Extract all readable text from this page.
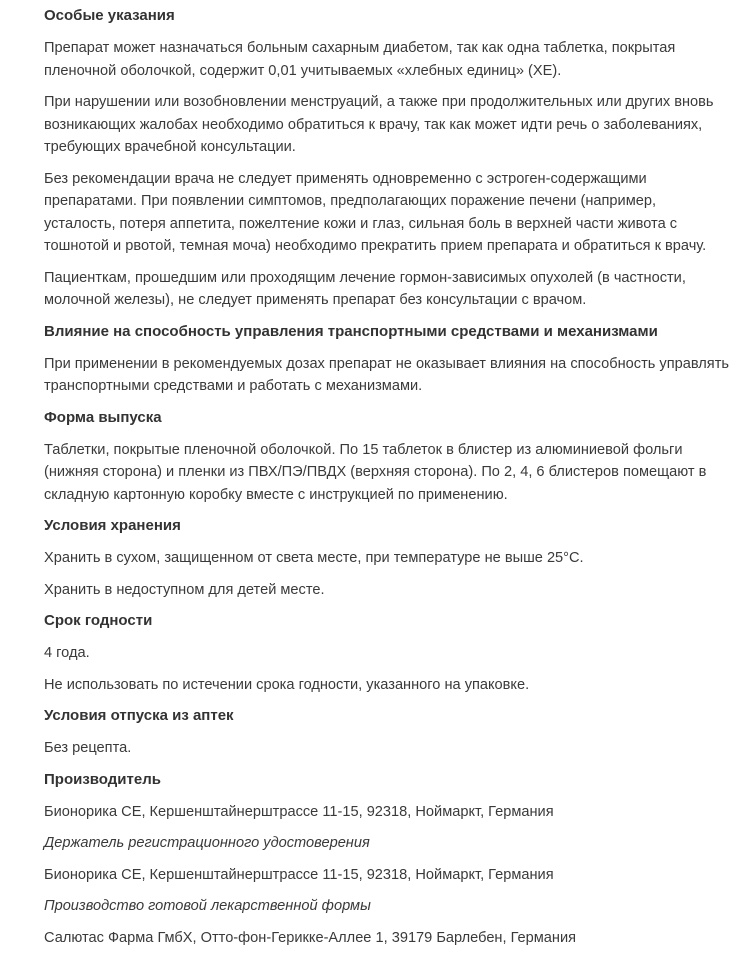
Особые указания

Препарат может назначаться больным сахарным диабетом, так как одна таблетка, покрытая пленочной оболочкой, содержит 0,01 учитываемых «хлебных единиц» (ХЕ).

При нарушении или возобновлении менструаций, а также при продолжительных или других вновь возникающих жалобах необходимо обратиться к врачу, так как может идти речь о заболеваниях, требующих врачебной консультации.

Без рекомендации врача не следует применять одновременно с эстроген-содержащими препаратами. При появлении симптомов, предполагающих поражение печени (например, усталость, потеря аппетита, пожелтение кожи и глаз, сильная боль в верхней части живота с тошнотой и рвотой, темная моча) необходимо прекратить прием препарата и обратиться к врачу.

Пациенткам, прошедшим или проходящим лечение гормон-зависимых опухолей (в частности, молочной железы), не следует применять препарат без консультации с врачом.

Влияние на способность управления транспортными средствами и механизмами

При применении в рекомендуемых дозах препарат не оказывает влияния на способность управлять транспортными средствами и работать с механизмами.

Форма выпуска

Таблетки, покрытые пленочной оболочкой. По 15 таблеток в блистер из алюминиевой фольги (нижняя сторона) и пленки из ПВХ/ПЭ/ПВДХ (верхняя сторона). По 2, 4, 6 блистеров помещают в складную картонную коробку вместе с инструкцией по применению.

Условия хранения

Хранить в сухом, защищенном от света месте, при температуре не выше 25°С.

Хранить в недоступном для детей месте.

Срок годности

4 года.

Не использовать по истечении срока годности, указанного на упаковке.

Условия отпуска из аптек

Без рецепта.

Производитель

Бионорика СЕ, Кершенштайнерштрассе 11-15, 92318, Ноймаркт, Германия

Держатель регистрационного удостоверения

Бионорика СЕ, Кершенштайнерштрассе 11-15, 92318, Ноймаркт, Германия

Производство готовой лекарственной формы

Салютас Фарма ГмбХ, Отто-фон-Герикке-Аллее 1, 39179 Барлебен, Германия
